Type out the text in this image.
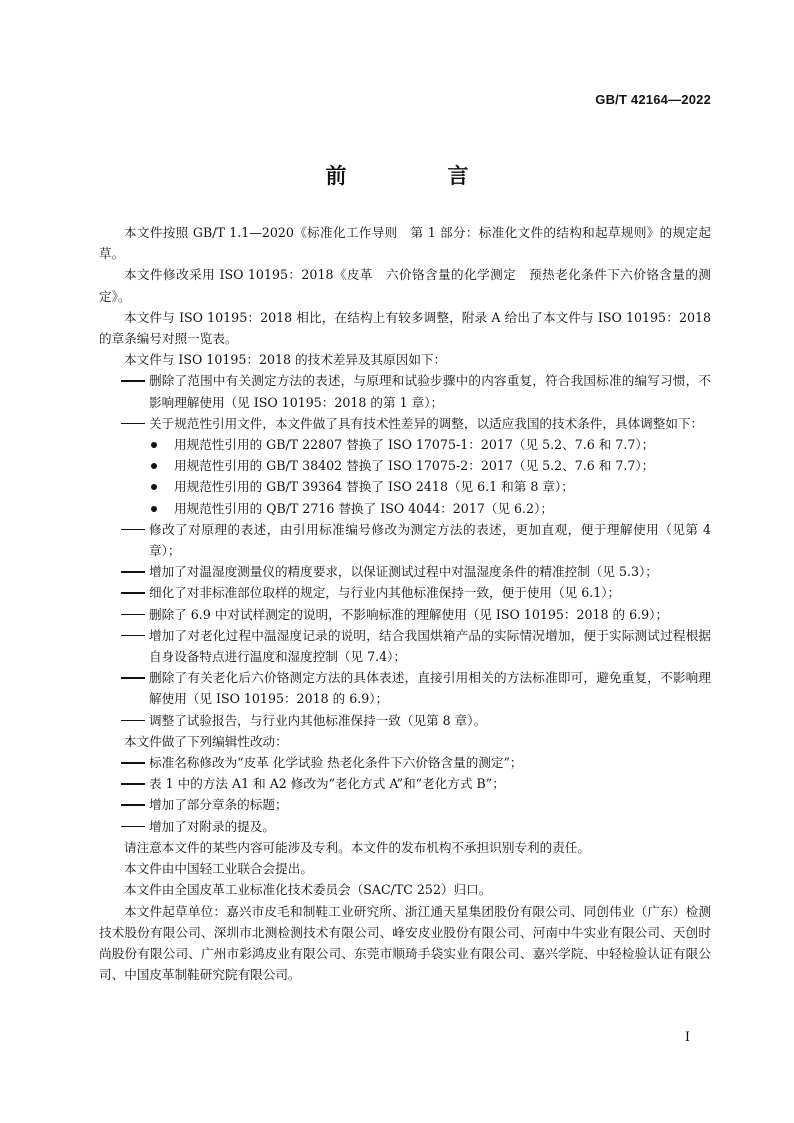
GB/T 42164—2022
前　言

本文件按照 GB/T 1.1—2020《标准化工作导则　第 1 部分：标准化文件的结构和起草规则》的规定起草。

本文件修改采用 ISO 10195：2018《皮革　六价铬含量的化学测定　预热老化条件下六价铬含量的测定》。

本文件与 ISO 10195：2018 相比，在结构上有较多调整，附录 A 给出了本文件与 ISO 10195：2018 的章条编号对照一览表。

本文件与 ISO 10195：2018 的技术差异及其原因如下：

删除了范围中有关测定方法的表述，与原理和试验步骤中的内容重复，符合我国标准的编写习惯，不影响理解使用（见 ISO 10195：2018 的第 1 章）；

关于规范性引用文件，本文件做了具有技术性差异的调整，以适应我国的技术条件，具体调整如下：

用规范性引用的 GB/T 22807 替换了 ISO 17075-1：2017（见 5.2、7.6 和 7.7）；

用规范性引用的 GB/T 38402 替换了 ISO 17075-2：2017（见 5.2、7.6 和 7.7）；

用规范性引用的 GB/T 39364 替换了 ISO 2418（见 6.1 和第 8 章）；

用规范性引用的 QB/T 2716 替换了 ISO 4044：2017（见 6.2）；

修改了对原理的表述，由引用标准编号修改为测定方法的表述，更加直观，便于理解使用（见第 4 章）；

增加了对温湿度测量仪的精度要求，以保证测试过程中对温湿度条件的精准控制（见 5.3）；

细化了对非标准部位取样的规定，与行业内其他标准保持一致，便于使用（见 6.1）；

删除了 6.9 中对试样测定的说明，不影响标准的理解使用（见 ISO 10195：2018 的 6.9）；

增加了对老化过程中温湿度记录的说明，结合我国烘箱产品的实际情况增加，便于实际测试过程根据自身设备特点进行温度和湿度控制（见 7.4）；

删除了有关老化后六价铬测定方法的具体表述，直接引用相关的方法标准即可，避免重复，不影响理解使用（见 ISO 10195：2018 的 6.9）；

调整了试验报告，与行业内其他标准保持一致（见第 8 章）。

本文件做了下列编辑性改动：

标准名称修改为“皮革 化学试验 热老化条件下六价铬含量的测定”；

表 1 中的方法 A1 和 A2 修改为“老化方式 A”和“老化方式 B”；

增加了部分章条的标题；

增加了对附录的提及。

请注意本文件的某些内容可能涉及专利。本文件的发布机构不承担识别专利的责任。

本文件由中国轻工业联合会提出。

本文件由全国皮革工业标准化技术委员会（SAC/TC 252）归口。

本文件起草单位：嘉兴市皮毛和制鞋工业研究所、浙江通天星集团股份有限公司、同创伟业（广东）检测技术股份有限公司、深圳市北测检测技术有限公司、峰安皮业股份有限公司、河南中牛实业有限公司、天创时尚股份有限公司、广州市彩鸿皮业有限公司、东莞市顺琦手袋实业有限公司、嘉兴学院、中轻检验认证有限公司、中国皮革制鞋研究院有限公司。

I
